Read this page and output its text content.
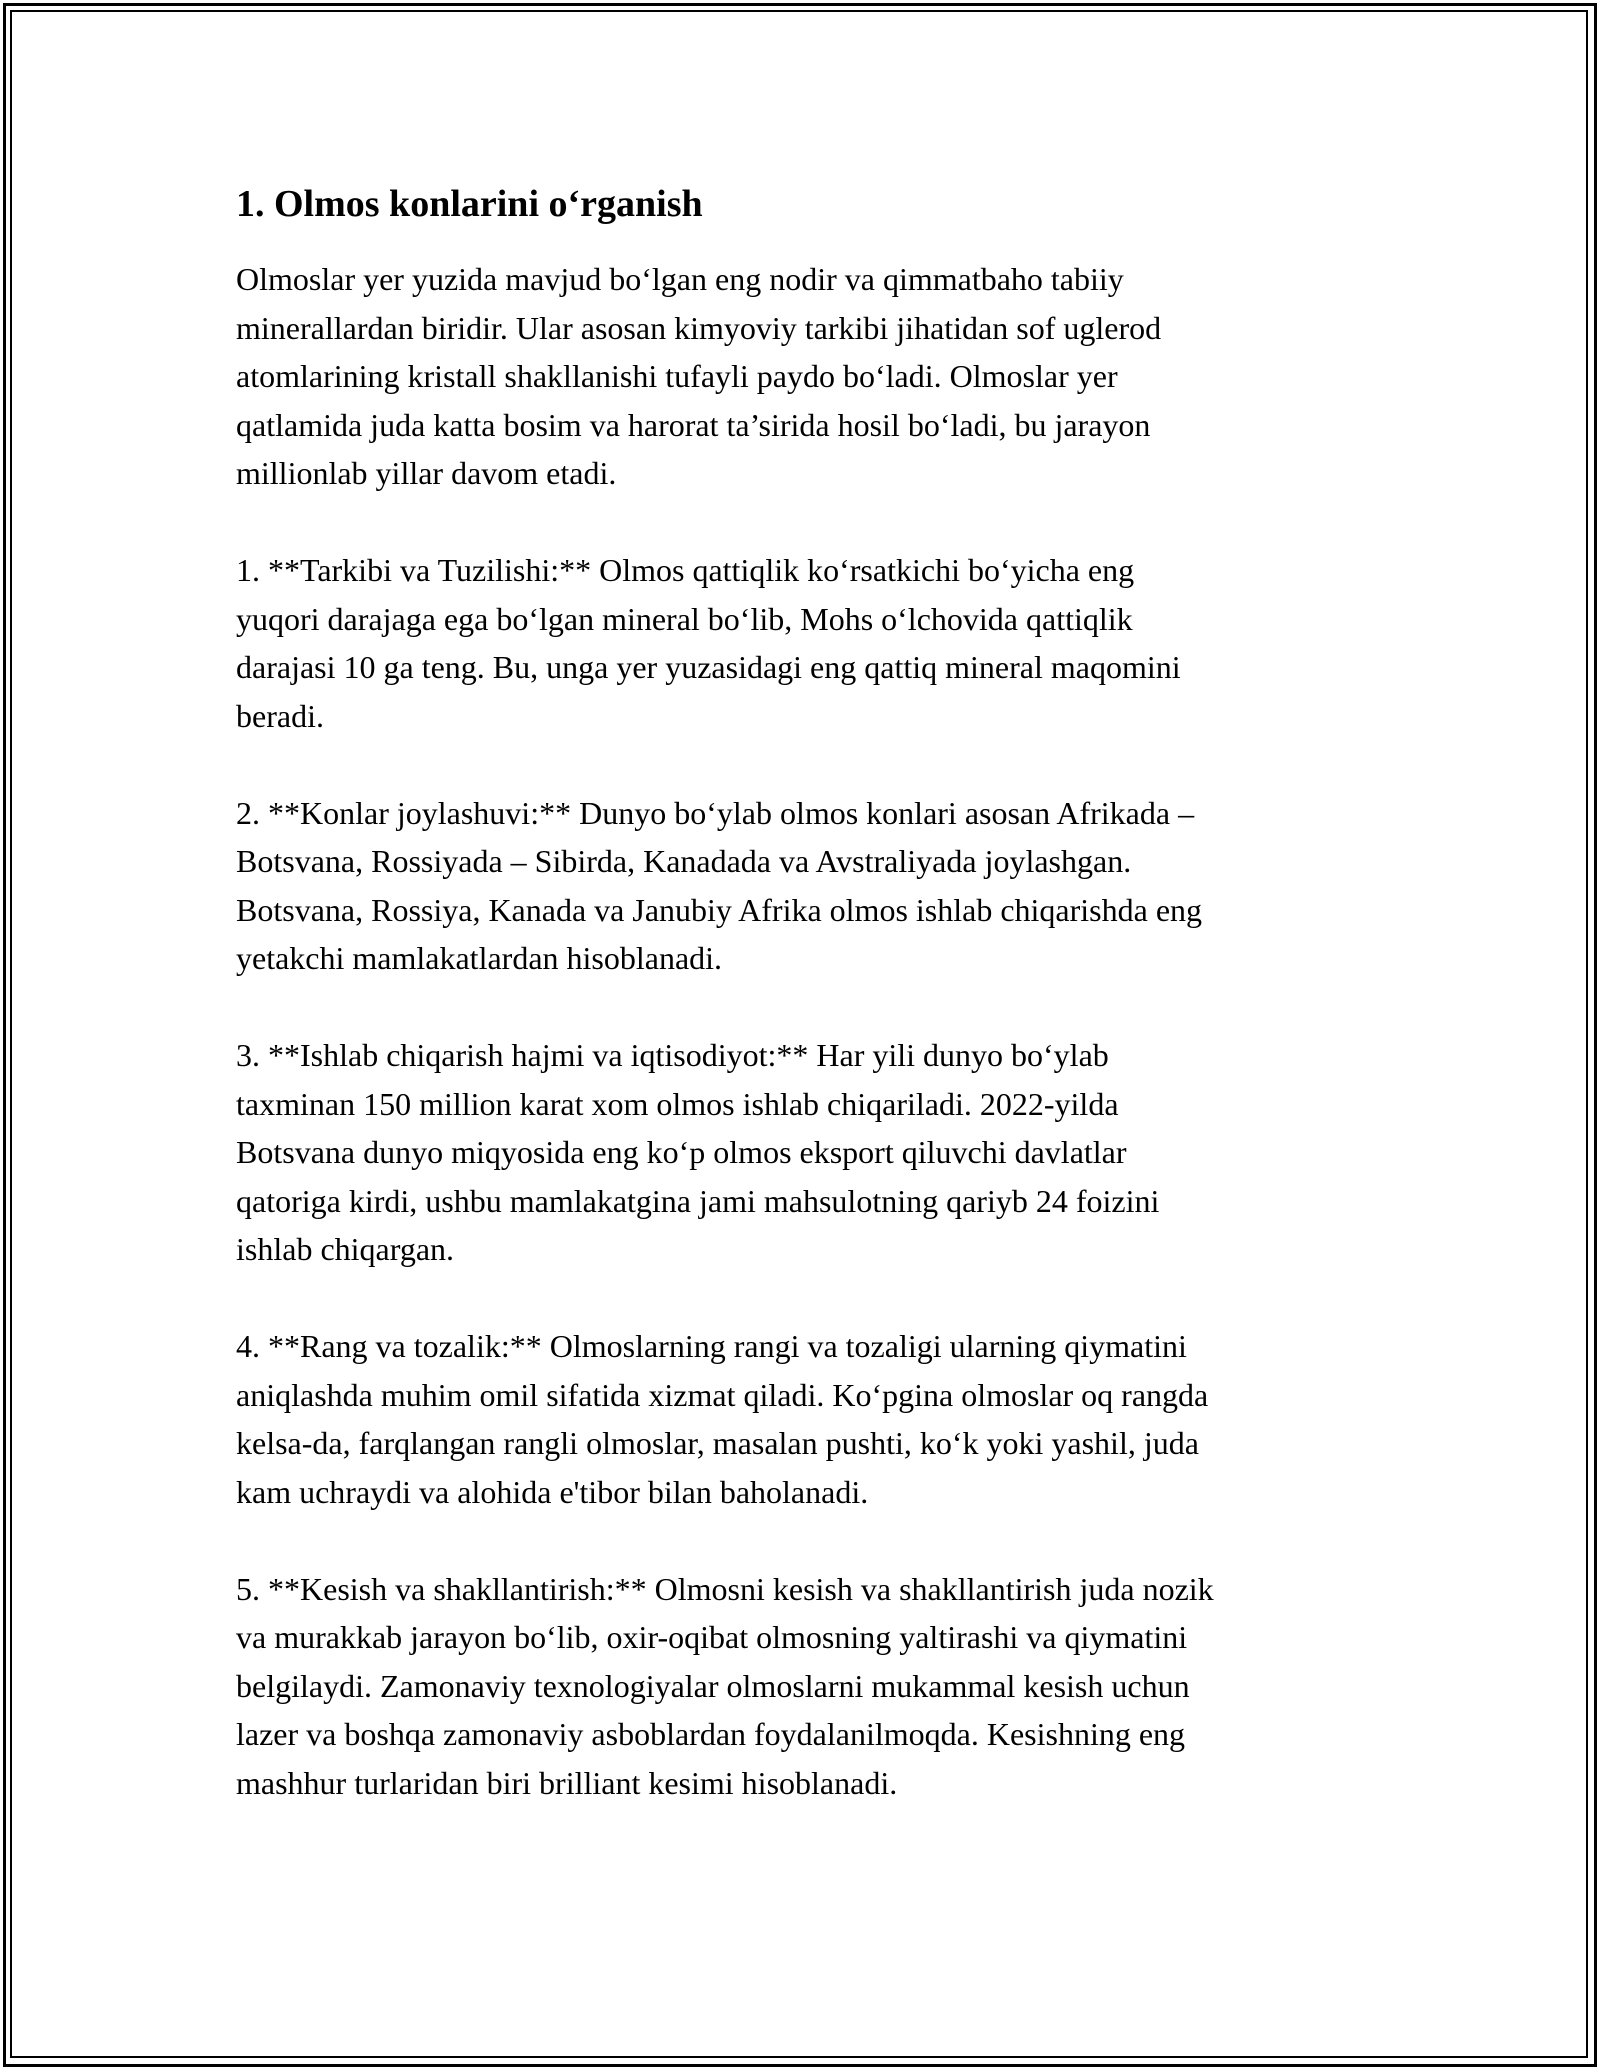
1. Olmos konlarini o‘rganish

Olmoslar yer yuzida mavjud bo‘lgan eng nodir va qimmatbaho tabiiy
minerallardan biridir. Ular asosan kimyoviy tarkibi jihatidan sof uglerod
atomlarining kristall shakllanishi tufayli paydo bo‘ladi. Olmoslar yer
qatlamida juda katta bosim va harorat ta’sirida hosil bo‘ladi, bu jarayon
millionlab yillar davom etadi.

1. **Tarkibi va Tuzilishi:** Olmos qattiqlik ko‘rsatkichi bo‘yicha eng
yuqori darajaga ega bo‘lgan mineral bo‘lib, Mohs o‘lchovida qattiqlik
darajasi 10 ga teng. Bu, unga yer yuzasidagi eng qattiq mineral maqomini
beradi.

2. **Konlar joylashuvi:** Dunyo bo‘ylab olmos konlari asosan Afrikada –
Botsvana, Rossiyada – Sibirda, Kanadada va Avstraliyada joylashgan.
Botsvana, Rossiya, Kanada va Janubiy Afrika olmos ishlab chiqarishda eng
yetakchi mamlakatlardan hisoblanadi.

3. **Ishlab chiqarish hajmi va iqtisodiyot:** Har yili dunyo bo‘ylab
taxminan 150 million karat xom olmos ishlab chiqariladi. 2022-yilda
Botsvana dunyo miqyosida eng ko‘p olmos eksport qiluvchi davlatlar
qatoriga kirdi, ushbu mamlakatgina jami mahsulotning qariyb 24 foizini
ishlab chiqargan.

4. **Rang va tozalik:** Olmoslarning rangi va tozaligi ularning qiymatini
aniqlashda muhim omil sifatida xizmat qiladi. Ko‘pgina olmoslar oq rangda
kelsa-da, farqlangan rangli olmoslar, masalan pushti, ko‘k yoki yashil, juda
kam uchraydi va alohida e'tibor bilan baholanadi.

5. **Kesish va shakllantirish:** Olmosni kesish va shakllantirish juda nozik
va murakkab jarayon bo‘lib, oxir-oqibat olmosning yaltirashi va qiymatini
belgilaydi. Zamonaviy texnologiyalar olmoslarni mukammal kesish uchun
lazer va boshqa zamonaviy asboblardan foydalanilmoqda. Kesishning eng
mashhur turlaridan biri brilliant kesimi hisoblanadi.
